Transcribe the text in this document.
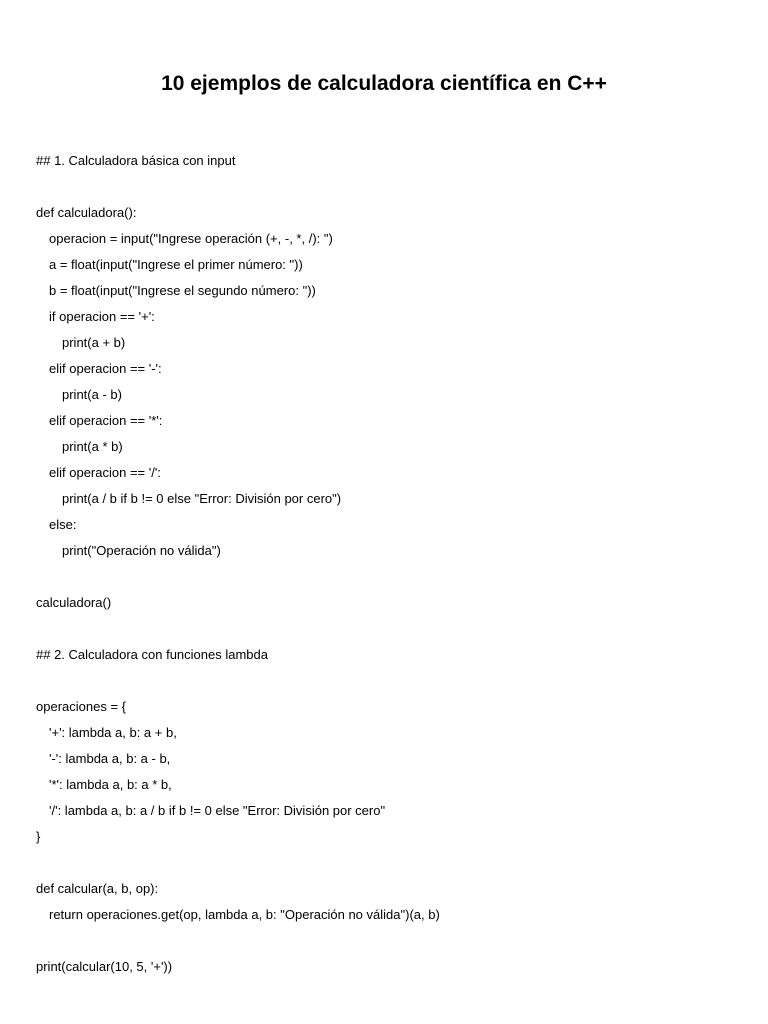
10 ejemplos de calculadora científica en C++
## 1. Calculadora básica con input
def calculadora():
operacion = input("Ingrese operación (+, -, *, /): ")
a = float(input("Ingrese el primer número: "))
b = float(input("Ingrese el segundo número: "))
if operacion == '+':
print(a + b)
elif operacion == '-':
print(a - b)
elif operacion == '*':
print(a * b)
elif operacion == '/':
print(a / b if b != 0 else "Error: División por cero")
else:
print("Operación no válida")
calculadora()
## 2. Calculadora con funciones lambda
operaciones = {
'+': lambda a, b: a + b,
'-': lambda a, b: a - b,
'*': lambda a, b: a * b,
'/': lambda a, b: a / b if b != 0 else "Error: División por cero"
}
def calcular(a, b, op):
return operaciones.get(op, lambda a, b: "Operación no válida")(a, b)
print(calcular(10, 5, '+'))
